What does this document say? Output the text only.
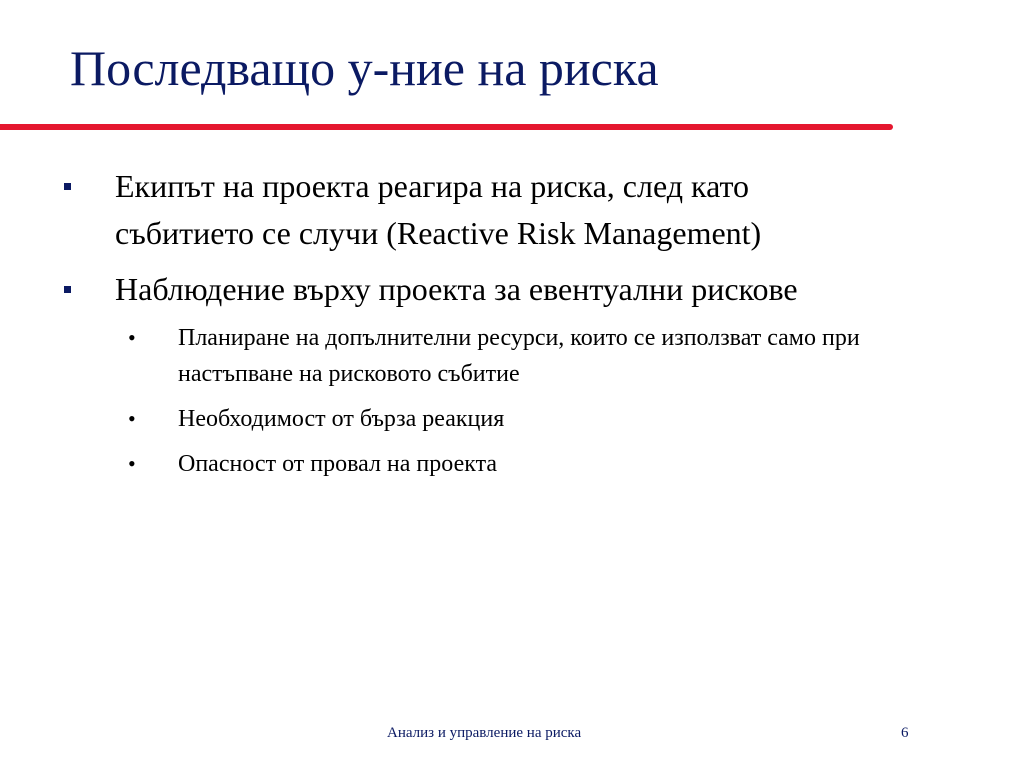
Последващо у-ние на риска
Екипът на проекта реагира на риска, след като събитието се случи (Reactive Risk Management)
Наблюдение върху проекта за евентуални рискове
• Планиране на допълнителни ресурси, които се използват само при настъпване на рисковото събитие
• Необходимост от бърза реакция
• Опасност от провал на проекта
Анализ и управление на риска	6
